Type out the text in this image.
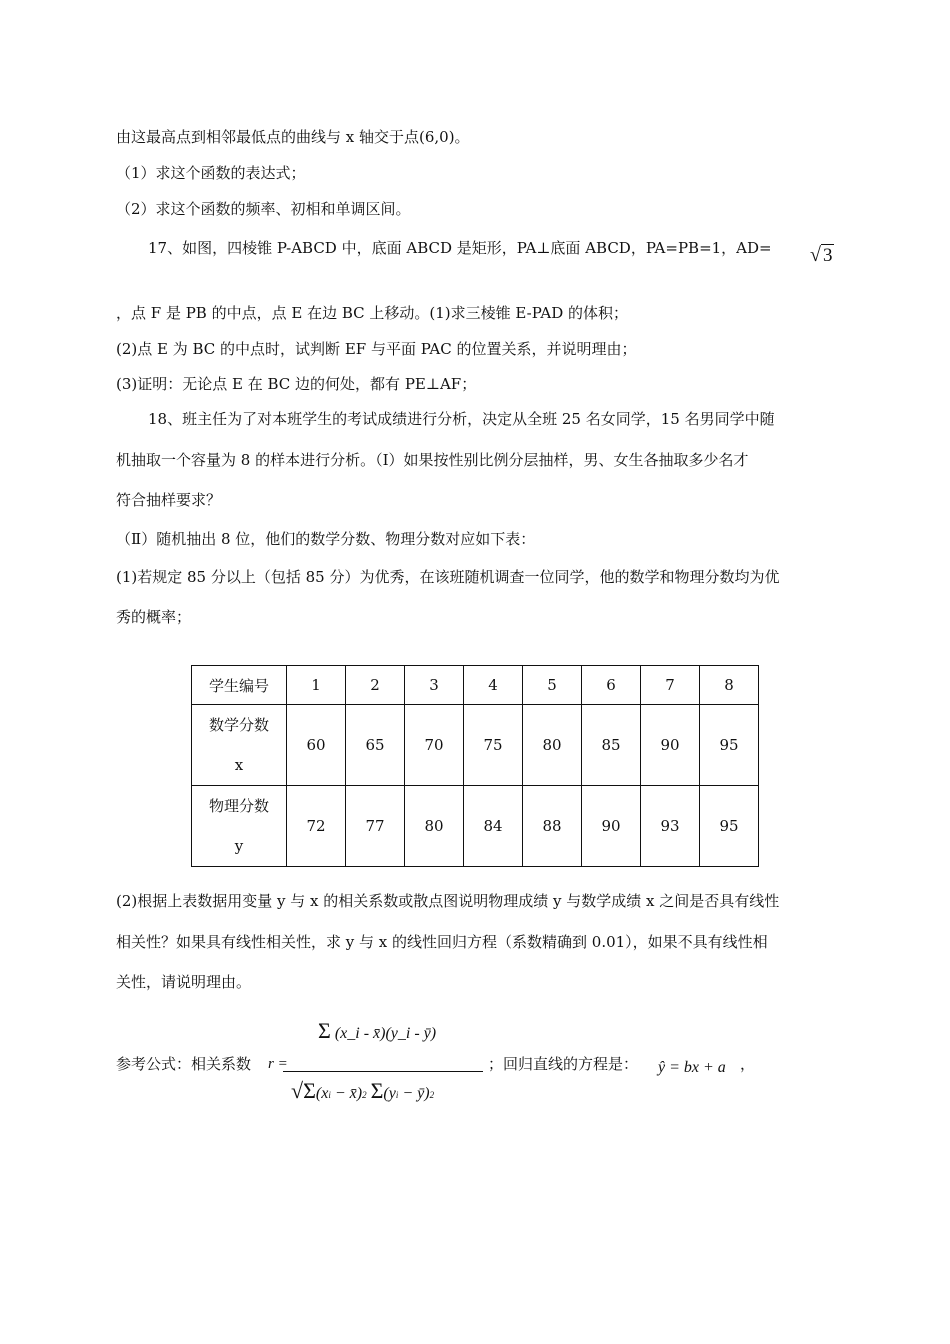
由这最高点到相邻最低点的曲线与 x 轴交于点(6,0)。
（1）求这个函数的表达式；
（2）求这个函数的频率、初相和单调区间。
17、如图，四棱锥 P-ABCD 中，底面 ABCD 是矩形，PA⊥底面 ABCD，PA=PB=1，AD= √ 3
，点 F 是 PB 的中点，点 E 在边 BC 上移动。(1)求三棱锥 E-PAD 的体积；
(2)点 E 为 BC 的中点时，试判断 EF 与平面 PAC 的位置关系，并说明理由；
(3)证明：无论点 E 在 BC 边的何处，都有 PE⊥AF；
18、班主任为了对本班学生的考试成绩进行分析，决定从全班 25 名女同学，15 名男同学中随
机抽取一个容量为 8 的样本进行分析。（Ⅰ）如果按性别比例分层抽样，男、女生各抽取多少名才
符合抽样要求？
（Ⅱ）随机抽出 8 位，他们的数学分数、物理分数对应如下表：
(1)若规定 85 分以上（包括 85 分）为优秀，在该班随机调查一位同学，他的数学和物理分数均为优
秀的概率；
学生编号	1	2	3	4	5	6	7	8

数学分数
x	60	65	70	75	80	85	90	95

物理分数
y	72	77	80	84	88	90	93	95
(2)根据上表数据用变量 y 与 x 的相关系数或散点图说明物理成绩 y 与数学成绩 x 之间是否具有线性
相关性？如果具有线性相关性，求 y 与 x 的线性回归方程（系数精确到 0.01），如果不具有线性相
关性，请说明理由。
参考公式：相关系数 r =
Σ (x_i - x̄)(y_i - ȳ)
√Σ(xi − x̄)2 Σ(yi − ȳ)2
；回归直线的方程是： ŷ = bx + a ，
